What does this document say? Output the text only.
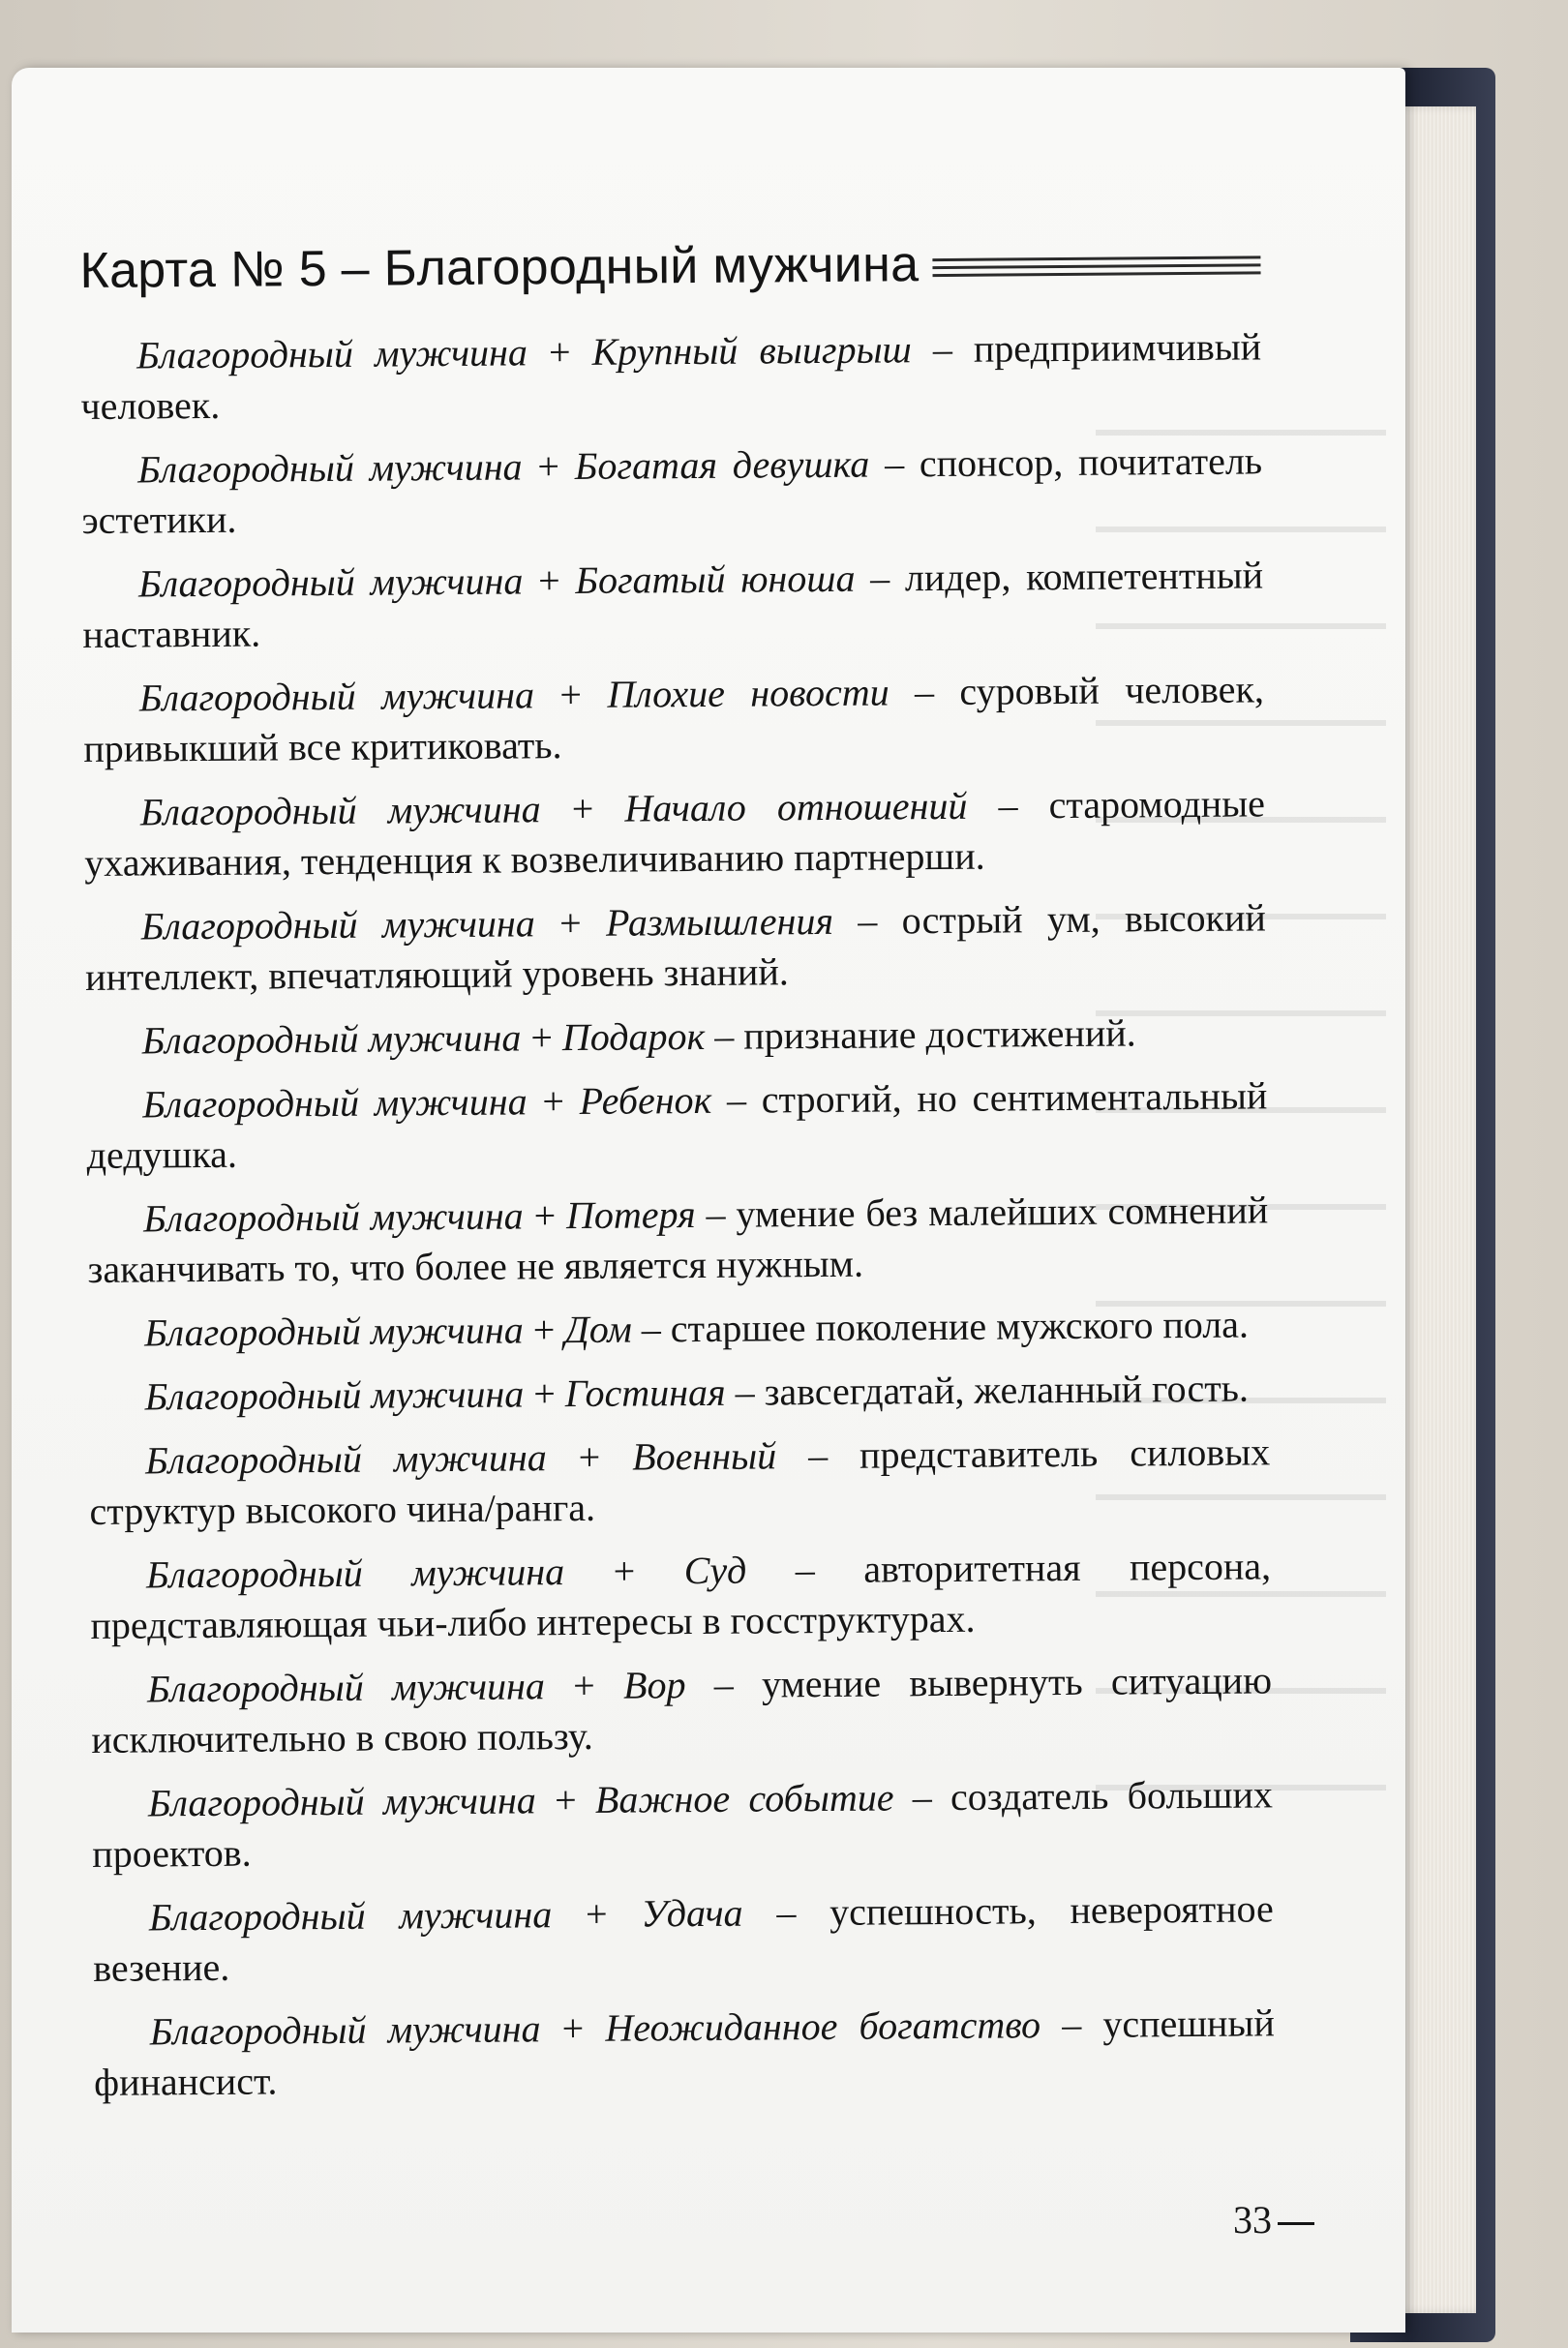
Карта № 5 – Благородный мужчина

Благородный мужчина + Крупный выигрыш – предприимчивый человек.

Благородный мужчина + Богатая девушка – спонсор, почитатель эстетики.

Благородный мужчина + Богатый юноша – лидер, компетентный наставник.

Благородный мужчина + Плохие новости – суровый человек, привыкший все критиковать.

Благородный мужчина + Начало отношений – старомодные ухаживания, тенденция к возвеличиванию партнерши.

Благородный мужчина + Размышления – острый ум, высокий интеллект, впечатляющий уровень знаний.

Благородный мужчина + Подарок – признание достижений.

Благородный мужчина + Ребенок – строгий, но сентиментальный дедушка.

Благородный мужчина + Потеря – умение без малейших сомнений заканчивать то, что более не является нужным.

Благородный мужчина + Дом – старшее поколение мужского пола.

Благородный мужчина + Гостиная – завсегдатай, желанный гость.

Благородный мужчина + Военный – представитель силовых структур высокого чина/ранга.

Благородный мужчина + Суд – авторитетная персона, представляющая чьи-либо интересы в госструктурах.

Благородный мужчина + Вор – умение вывернуть ситуацию исключительно в свою пользу.

Благородный мужчина + Важное событие – создатель больших проектов.

Благородный мужчина + Удача – успешность, невероятное везение.

Благородный мужчина + Неожиданное богатство – успешный финансист.

33
